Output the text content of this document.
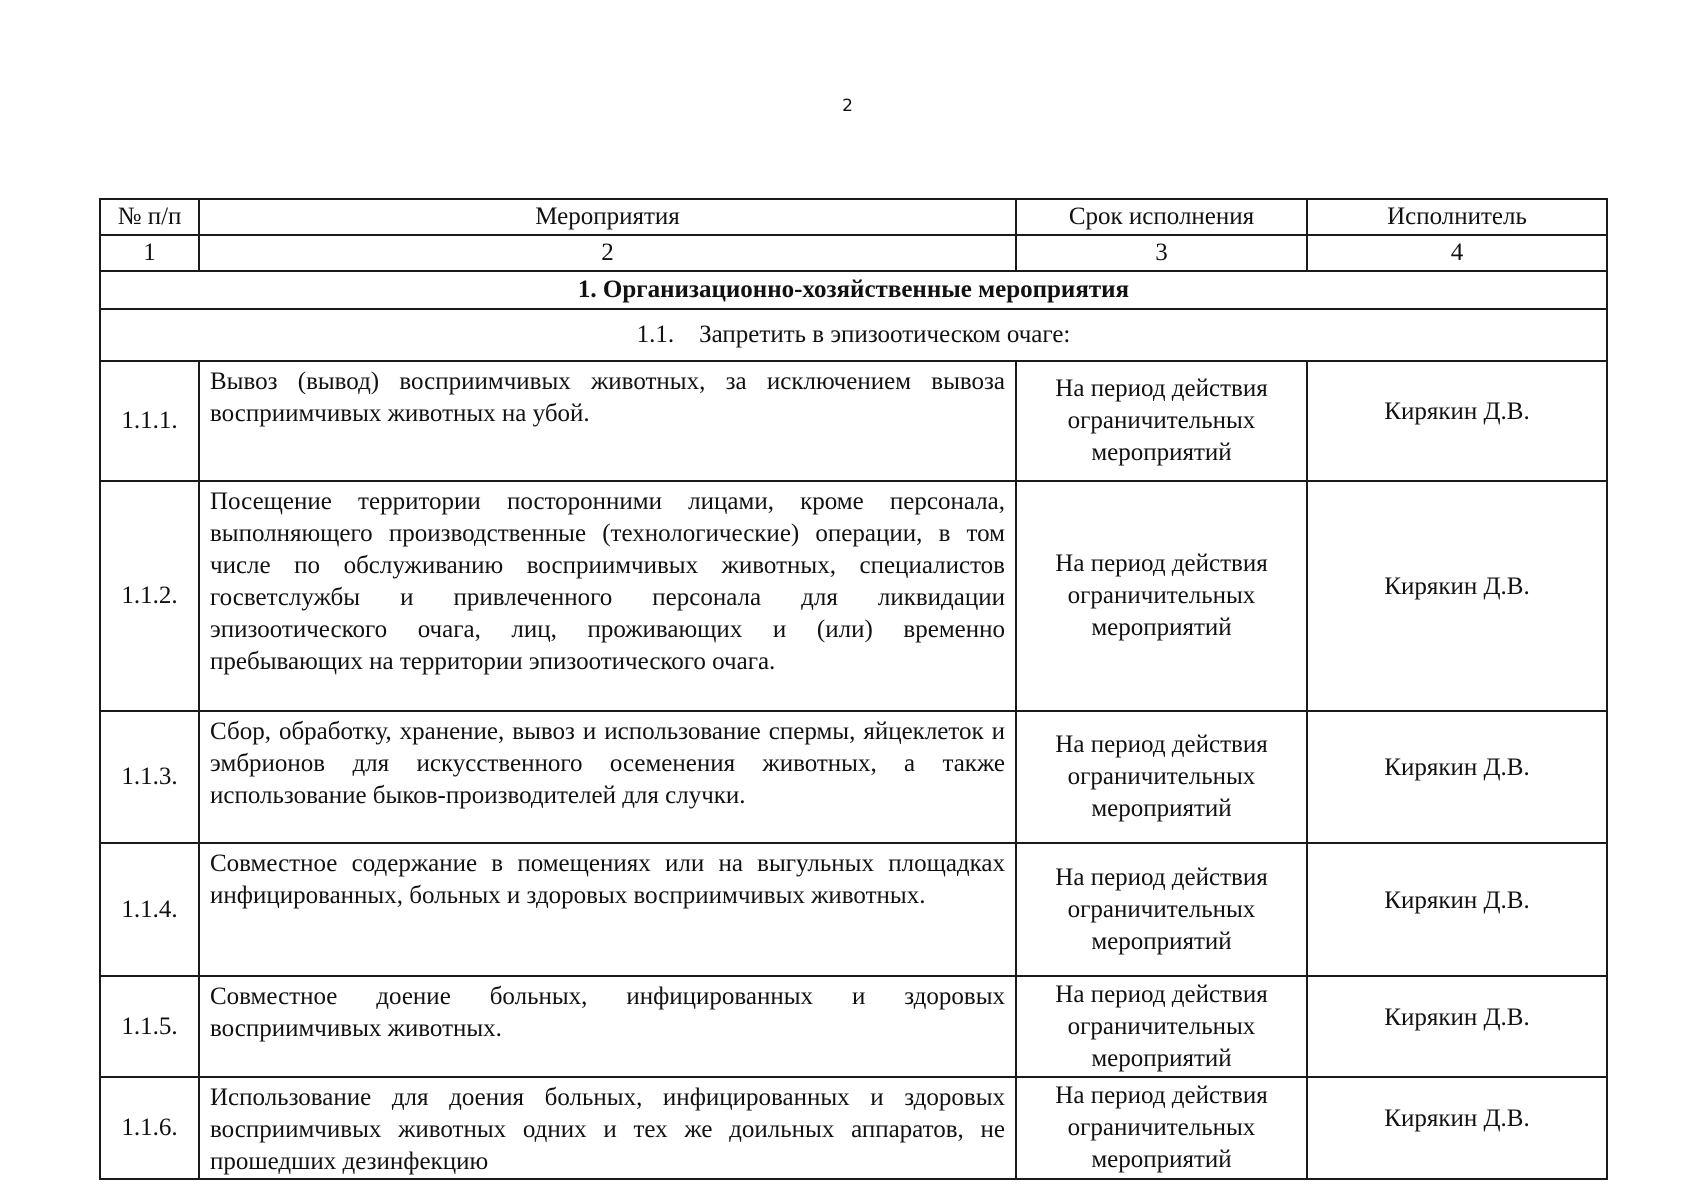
2
№ п/п	Мероприятия	Срок исполнения	Исполнитель
1	2	3	4
1. Организационно-хозяйственные мероприятия			
1.1.    Запретить в эпизоотическом очаге:			
1.1.1.	Вывоз (вывод) восприимчивых животных, за исключением вывоза восприимчивых животных на убой.	На период действия ограничительных мероприятий	Кирякин Д.В.

1.1.2.	Посещение территории посторонними лицами, кроме персонала, выполняющего производственные (технологические) операции, в том числе по обслуживанию восприимчивых животных, специалистов госветслужбы и привлеченного персонала для ликвидации эпизоотического очага, лиц, проживающих и (или) временно пребывающих на территории эпизоотического очага.	На период действия ограничительных мероприятий	Кирякин Д.В.

1.1.3.	Сбор, обработку, хранение, вывоз и использование спермы, яйцеклеток и эмбрионов для искусственного осеменения животных, а также использование быков-производителей для случки.	На период действия ограничительных мероприятий	Кирякин Д.В.

1.1.4.	Совместное содержание в помещениях или на выгульных площадках инфицированных, больных и здоровых восприимчивых животных.	На период действия ограничительных мероприятий	Кирякин Д.В.

1.1.5.	Совместное доение больных, инфицированных и здоровых восприимчивых животных.	На период действия ограничительных мероприятий	Кирякин Д.В.

1.1.6.	Использование для доения больных, инфицированных и здоровых восприимчивых животных одних и тех же доильных аппаратов, не прошедших дезинфекцию	На период действия ограничительных мероприятий	Кирякин Д.В.
